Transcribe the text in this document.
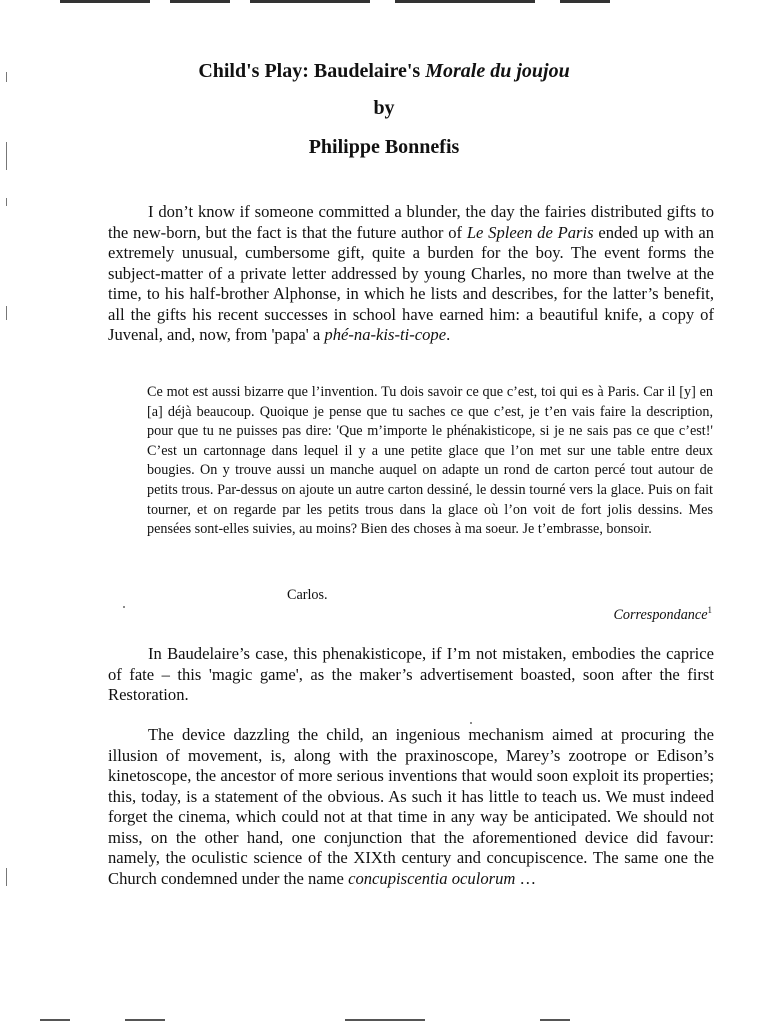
Child's Play: Baudelaire's Morale du joujou
by
Philippe Bonnefis

I don’t know if someone committed a blunder, the day the fairies distributed gifts to the new-born, but the fact is that the future author of Le Spleen de Paris ended up with an extremely unusual, cumbersome gift, quite a burden for the boy. The event forms the subject-matter of a private letter addressed by young Charles, no more than twelve at the time, to his half-brother Alphonse, in which he lists and describes, for the latter’s benefit, all the gifts his recent successes in school have earned him: a beautiful knife, a copy of Juvenal, and, now, from 'papa' a phé-na-kis-ti-cope.

Ce mot est aussi bizarre que l’invention. Tu dois savoir ce que c’est, toi qui es à Paris. Car il [y] en [a] déjà beaucoup. Quoique je pense que tu saches ce que c’est, je t’en vais faire la description, pour que tu ne puisses pas dire: 'Que m’importe le phénakisticope, si je ne sais pas ce que c’est!' C’est un cartonnage dans lequel il y a une petite glace que l’on met sur une table entre deux bougies. On y trouve aussi un manche auquel on adapte un rond de carton percé tout autour de petits trous. Par-dessus on ajoute un autre carton dessiné, le dessin tourné vers la glace. Puis on fait tourner, et on regarde par les petits trous dans la glace où l’on voit de fort jolis dessins. Mes pensées sont-elles suivies, au moins? Bien des choses à ma soeur. Je t’embrasse, bonsoir.

Carlos.
Correspondance$^1$

In Baudelaire’s case, this phenakisticope, if I’m not mistaken, embodies the caprice of fate – this 'magic game', as the maker’s advertisement boasted, soon after the first Restoration.

The device dazzling the child, an ingenious mechanism aimed at procuring the illusion of movement, is, along with the praxinoscope, Marey’s zootrope or Edison’s kinetoscope, the ancestor of more serious inventions that would soon exploit its properties; this, today, is a statement of the obvious. As such it has little to teach us. We must indeed forget the cinema, which could not at that time in any way be anticipated. We should not miss, on the other hand, one conjunction that the aforementioned device did favour: namely, the oculistic science of the XIXth century and concupiscence. The same one the Church condemned under the name concupiscentia oculorum …
